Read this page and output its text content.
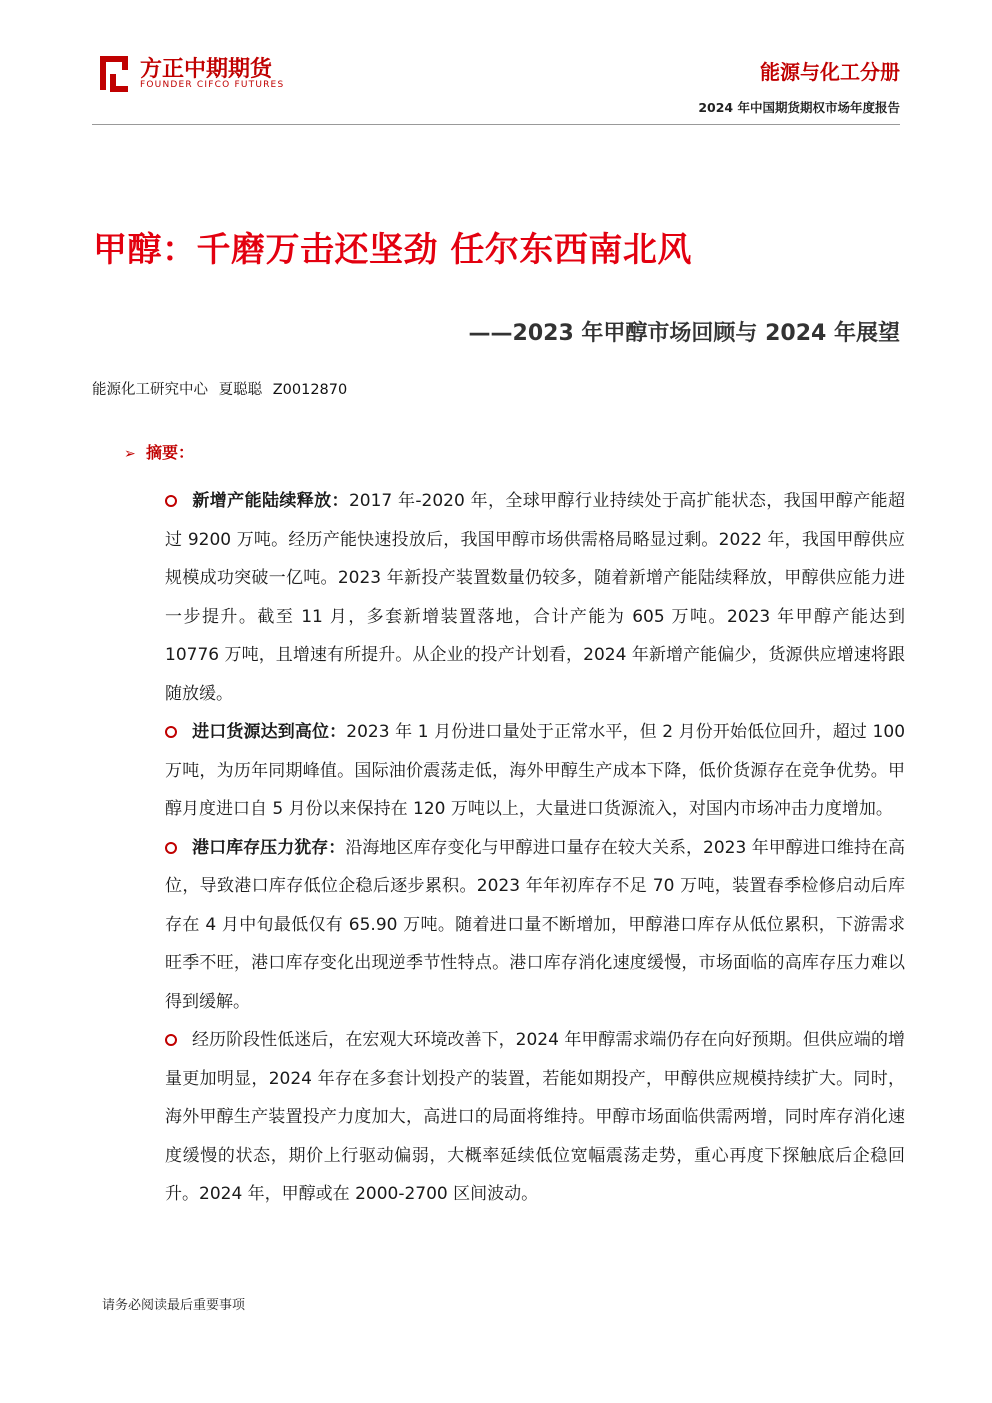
方正中期期货
FOUNDER CIFCO FUTURES
能源与化工分册
2024 年中国期货期权市场年度报告
甲醇：千磨万击还坚劲 任尔东西南北风
——2023 年甲醇市场回顾与 2024 年展望
能源化工研究中心 夏聪聪 Z0012870
➢ 摘要：

新增产能陆续释放：2017 年-2020 年，全球甲醇行业持续处于高扩能状态，我国甲醇产能超过 9200 万吨。经历产能快速投放后，我国甲醇市场供需格局略显过剩。2022 年，我国甲醇供应规模成功突破一亿吨。2023 年新投产装置数量仍较多，随着新增产能陆续释放，甲醇供应能力进一步提升。截至 11 月，多套新增装置落地，合计产能为 605 万吨。2023 年甲醇产能达到 10776 万吨，且增速有所提升。从企业的投产计划看，2024 年新增产能偏少，货源供应增速将跟随放缓。

进口货源达到高位：2023 年 1 月份进口量处于正常水平，但 2 月份开始低位回升，超过 100 万吨，为历年同期峰值。国际油价震荡走低，海外甲醇生产成本下降，低价货源存在竞争优势。甲醇月度进口自 5 月份以来保持在 120 万吨以上，大量进口货源流入，对国内市场冲击力度增加。

港口库存压力犹存：沿海地区库存变化与甲醇进口量存在较大关系，2023 年甲醇进口维持在高位，导致港口库存低位企稳后逐步累积。2023 年年初库存不足 70 万吨，装置春季检修启动后库存在 4 月中旬最低仅有 65.90 万吨。随着进口量不断增加，甲醇港口库存从低位累积，下游需求旺季不旺，港口库存变化出现逆季节性特点。港口库存消化速度缓慢，市场面临的高库存压力难以得到缓解。

经历阶段性低迷后，在宏观大环境改善下，2024 年甲醇需求端仍存在向好预期。但供应端的增量更加明显，2024 年存在多套计划投产的装置，若能如期投产，甲醇供应规模持续扩大。同时，海外甲醇生产装置投产力度加大，高进口的局面将维持。甲醇市场面临供需两增，同时库存消化速度缓慢的状态，期价上行驱动偏弱，大概率延续低位宽幅震荡走势，重心再度下探触底后企稳回升。2024 年，甲醇或在 2000-2700 区间波动。

请务必阅读最后重要事项
